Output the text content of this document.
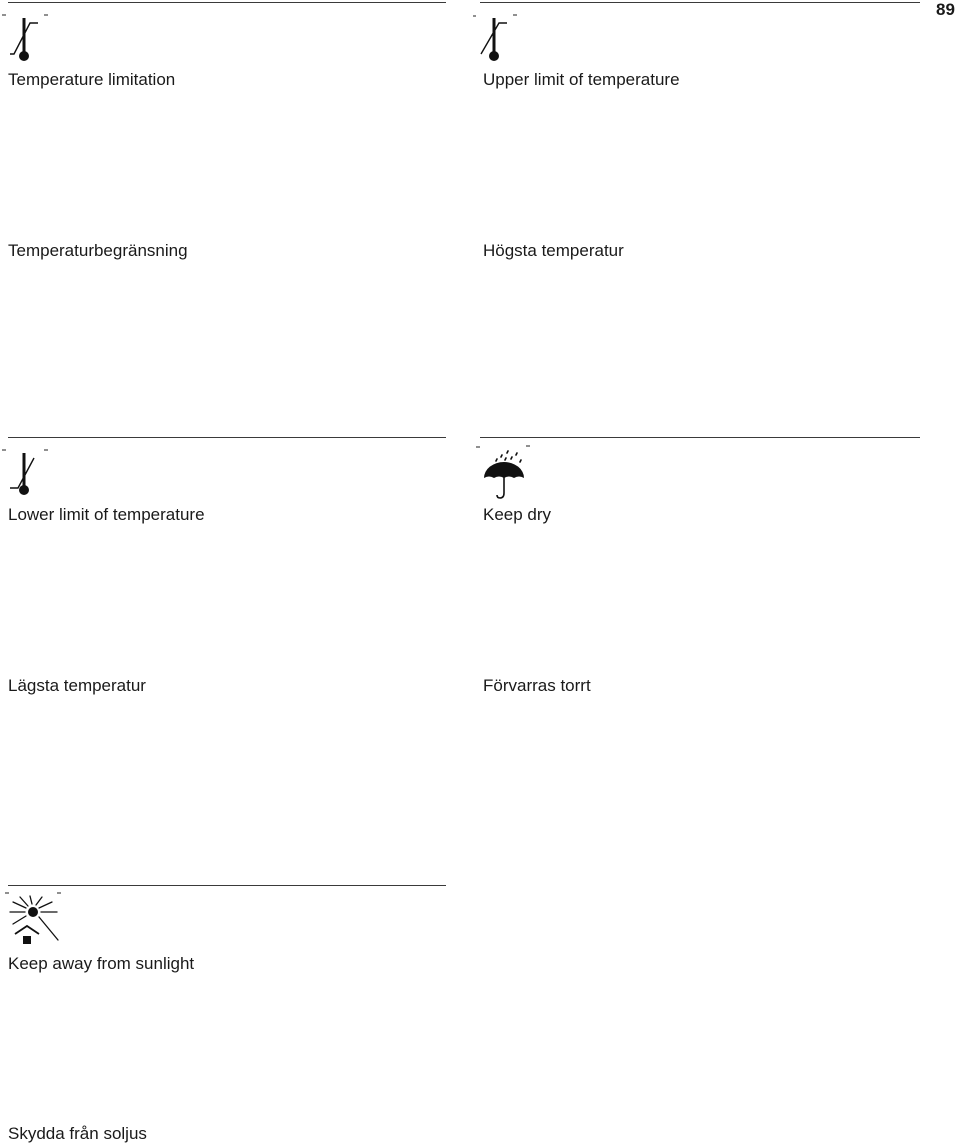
89
Temperature limitation
Temperaturbegränsning
Upper limit of temperature
Högsta temperatur
Lower limit of temperature
Lägsta temperatur
Keep dry
Förvarras torrt
Keep away from sunlight
Skydda från soljus
